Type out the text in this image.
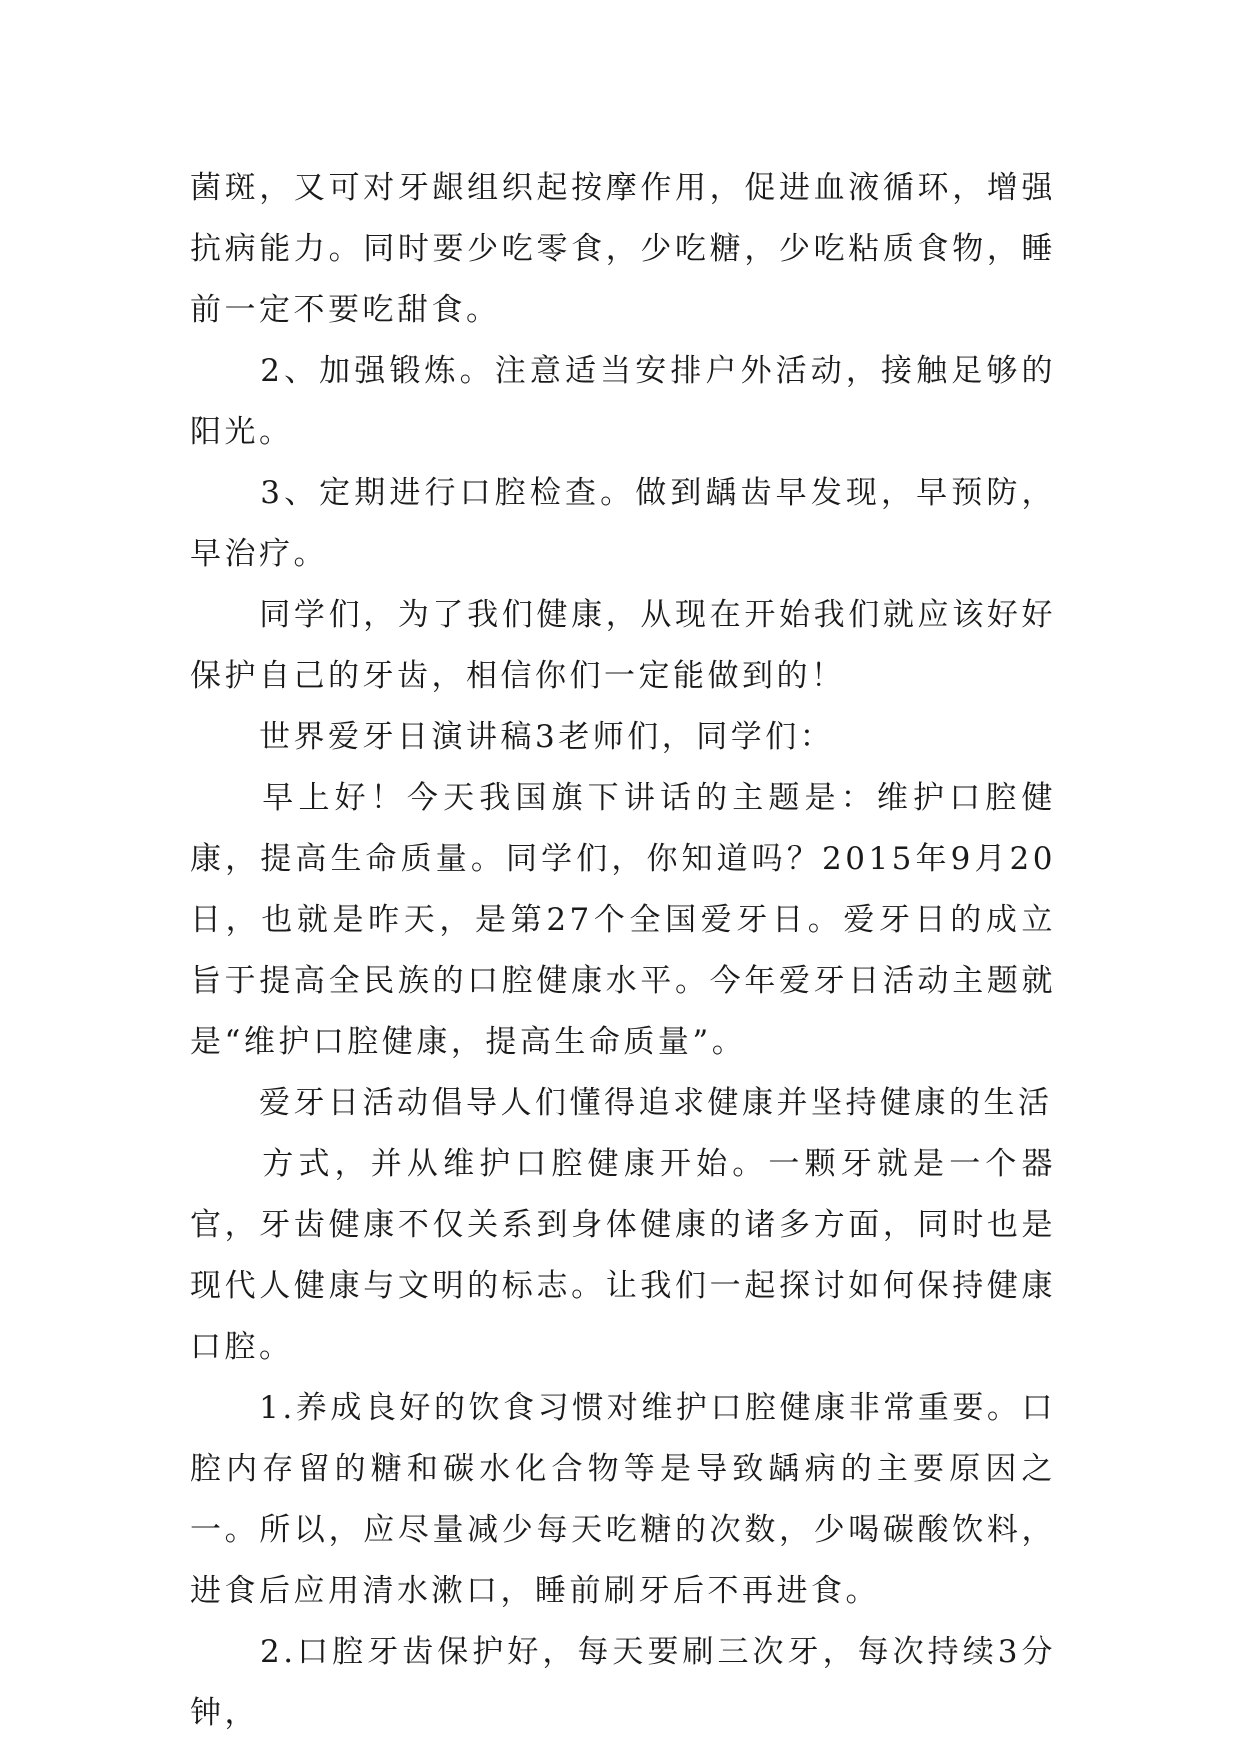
菌斑，又可对牙龈组织起按摩作用，促进血液循环，增强抗病能力。同时要少吃零食，少吃糖，少吃粘质食物，睡前一定不要吃甜食。

　　2、加强锻炼。注意适当安排户外活动，接触足够的阳光。

　　3、定期进行口腔检查。做到龋齿早发现，早预防，早治疗。

　　同学们，为了我们健康，从现在开始我们就应该好好保护自己的牙齿，相信你们一定能做到的！

　　世界爱牙日演讲稿3老师们，同学们：

　　早上好！今天我国旗下讲话的主题是：维护口腔健康，提高生命质量。同学们，你知道吗？2015年9月20日，也就是昨天，是第27个全国爱牙日。爱牙日的成立旨于提高全民族的口腔健康水平。今年爱牙日活动主题就是“维护口腔健康，提高生命质量”。

　　爱牙日活动倡导人们懂得追求健康并坚持健康的生活

　　方式，并从维护口腔健康开始。一颗牙就是一个器官，牙齿健康不仅关系到身体健康的诸多方面，同时也是现代人健康与文明的标志。让我们一起探讨如何保持健康口腔。

　　1.养成良好的饮食习惯对维护口腔健康非常重要。口腔内存留的糖和碳水化合物等是导致龋病的主要原因之一。所以，应尽量减少每天吃糖的次数，少喝碳酸饮料，进食后应用清水漱口，睡前刷牙后不再进食。

　　2.口腔牙齿保护好，每天要刷三次牙，每次持续3分钟，
